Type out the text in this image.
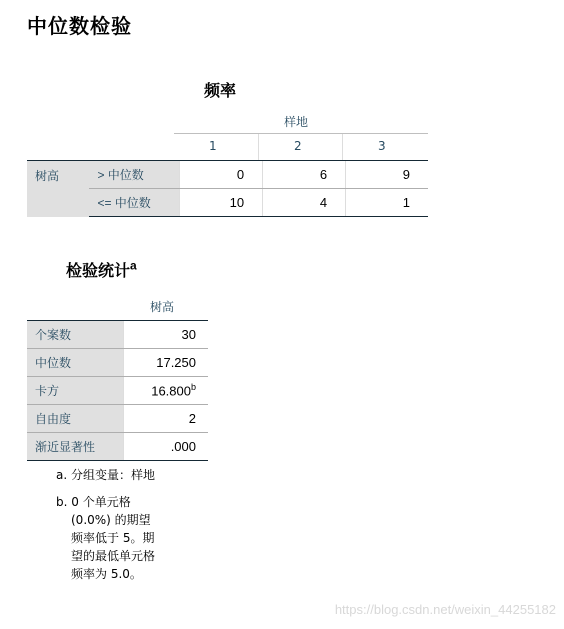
中位数检验
频率
样地
1	2	3
树高	> 中位数	0	6	9
	<= 中位数	10	4	1
检验统计$^a$
树高
个案数	30
中位数	17.250
卡方	16.800$^b$
自由度	2
渐近显著性	.000
a. 分组变量：样地
b. 0 个单元格
(0.0%) 的期望
频率低于 5。期
望的最低单元格
频率为 5.0。
https://blog.csdn.net/weixin_44255182
